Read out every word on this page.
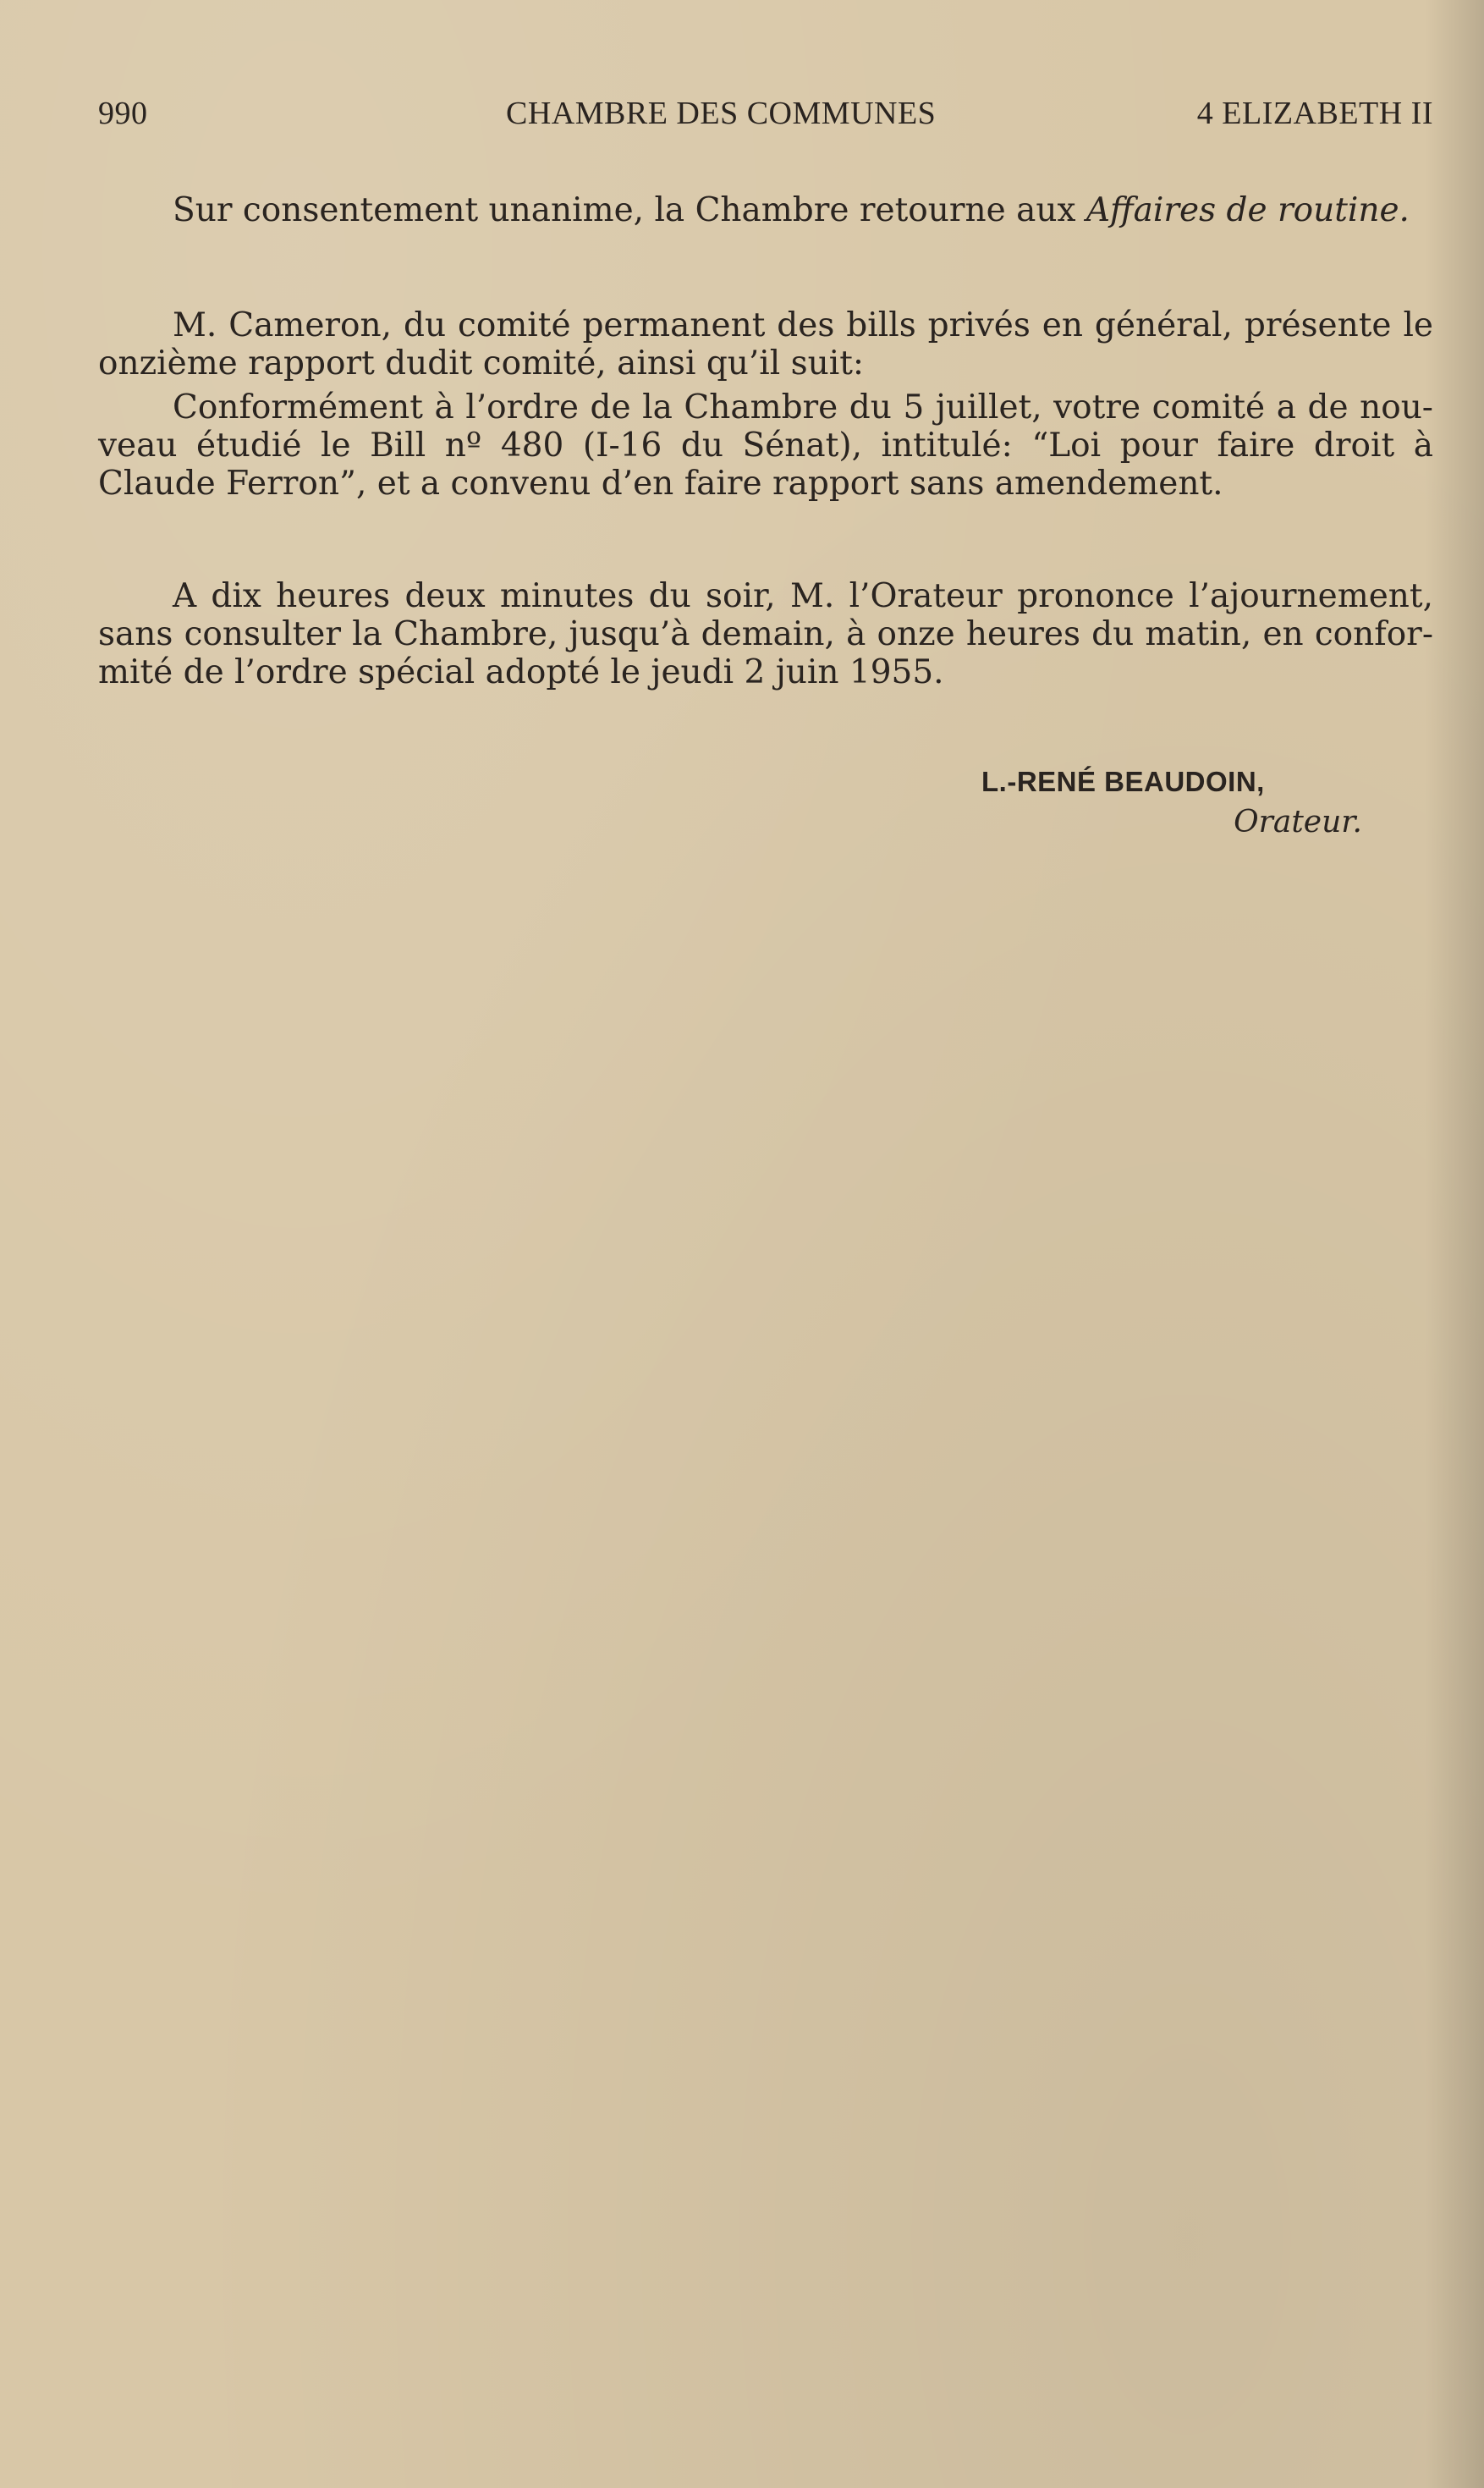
990	CHAMBRE DES COMMUNES	4 ELIZABETH II
Sur consentement unanime, la Chambre retourne aux Affaires de routine.
M. Cameron, du comité permanent des bills privés en général, présente le
onzième rapport dudit comité, ainsi qu’il suit:
Conformément à l’ordre de la Chambre du 5 juillet, votre comité a de nou-
veau étudié le Bill nº 480 (I-16 du Sénat), intitulé: “Loi pour faire droit à
Claude Ferron”, et a convenu d’en faire rapport sans amendement.
A dix heures deux minutes du soir, M. l’Orateur prononce l’ajournement,
sans consulter la Chambre, jusqu’à demain, à onze heures du matin, en confor-
mité de l’ordre spécial adopté le jeudi 2 juin 1955.
L.-RENÉ BEAUDOIN,
Orateur.
